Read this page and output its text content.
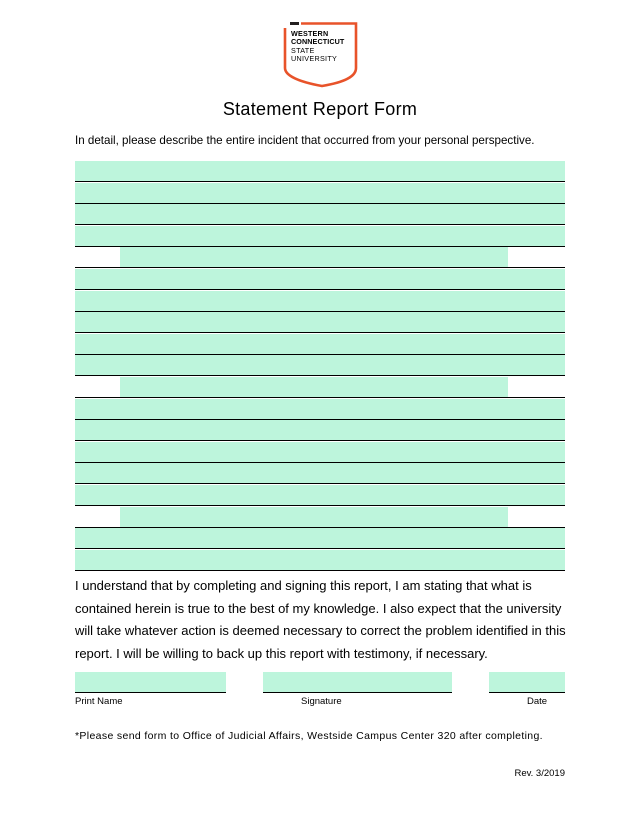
WESTERN
CONNECTICUT
STATE
UNIVERSITY
Statement Report Form
In detail, please describe the entire incident that occurred from your personal perspective.
I understand that by completing and signing this report, I am stating that what is contained herein is true to the best of my knowledge. I also expect that the university will take whatever action is deemed necessary to correct the problem identified in this report. I will be willing to back up this report with testimony, if necessary.
Print Name	Signature	Date
*Please send form to Office of Judicial Affairs, Westside Campus Center 320 after completing.
Rev. 3/2019
